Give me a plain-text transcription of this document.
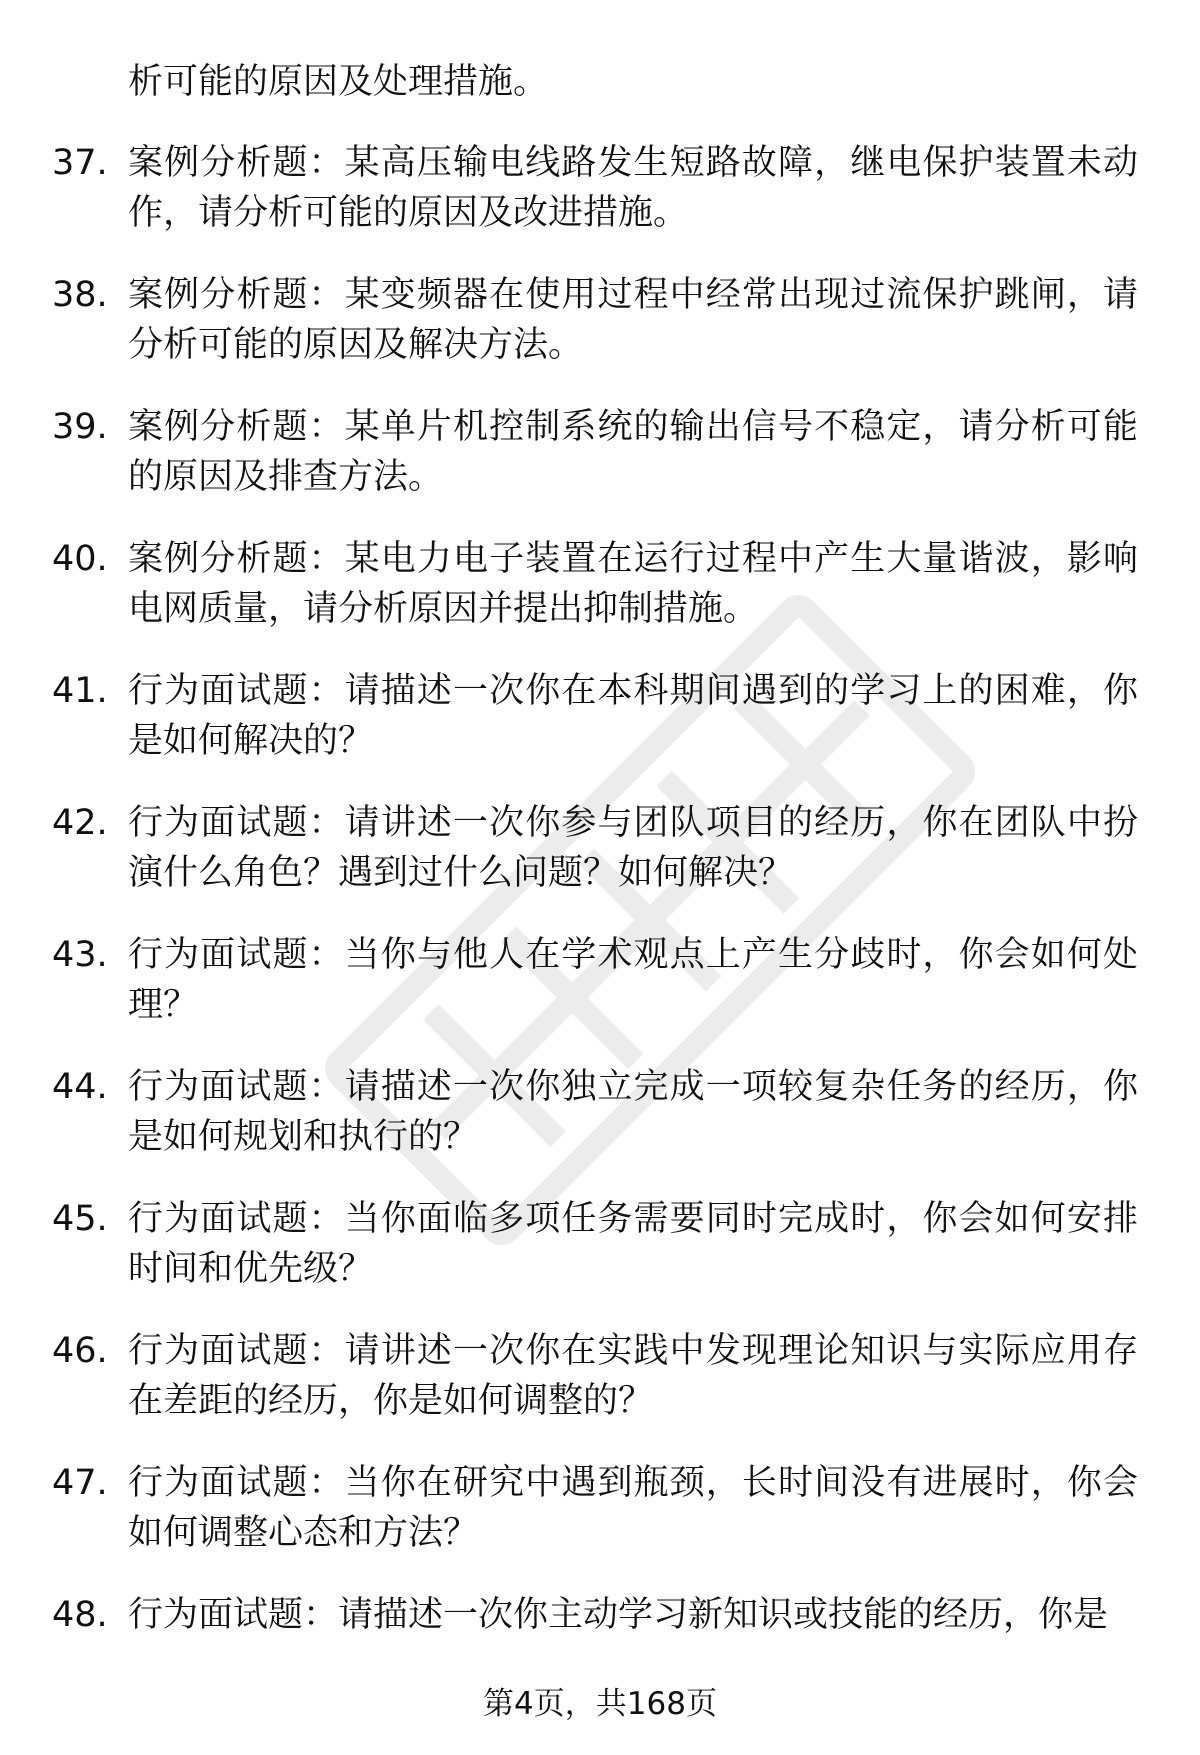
析可能的原因及处理措施。
37. 案例分析题：某高压输电线路发生短路故障，继电保护装置未动作，请分析可能的原因及改进措施。
38. 案例分析题：某变频器在使用过程中经常出现过流保护跳闸，请分析可能的原因及解决方法。
39. 案例分析题：某单片机控制系统的输出信号不稳定，请分析可能的原因及排查方法。
40. 案例分析题：某电力电子装置在运行过程中产生大量谐波，影响电网质量，请分析原因并提出抑制措施。
41. 行为面试题：请描述一次你在本科期间遇到的学习上的困难，你是如何解决的？
42. 行为面试题：请讲述一次你参与团队项目的经历，你在团队中扮演什么角色？遇到过什么问题？如何解决？
43. 行为面试题：当你与他人在学术观点上产生分歧时，你会如何处理？
44. 行为面试题：请描述一次你独立完成一项较复杂任务的经历，你是如何规划和执行的？
45. 行为面试题：当你面临多项任务需要同时完成时，你会如何安排时间和优先级？
46. 行为面试题：请讲述一次你在实践中发现理论知识与实际应用存在差距的经历，你是如何调整的？
47. 行为面试题：当你在研究中遇到瓶颈，长时间没有进展时，你会如何调整心态和方法？
48. 行为面试题：请描述一次你主动学习新知识或技能的经历，你是
第4页，共168页
